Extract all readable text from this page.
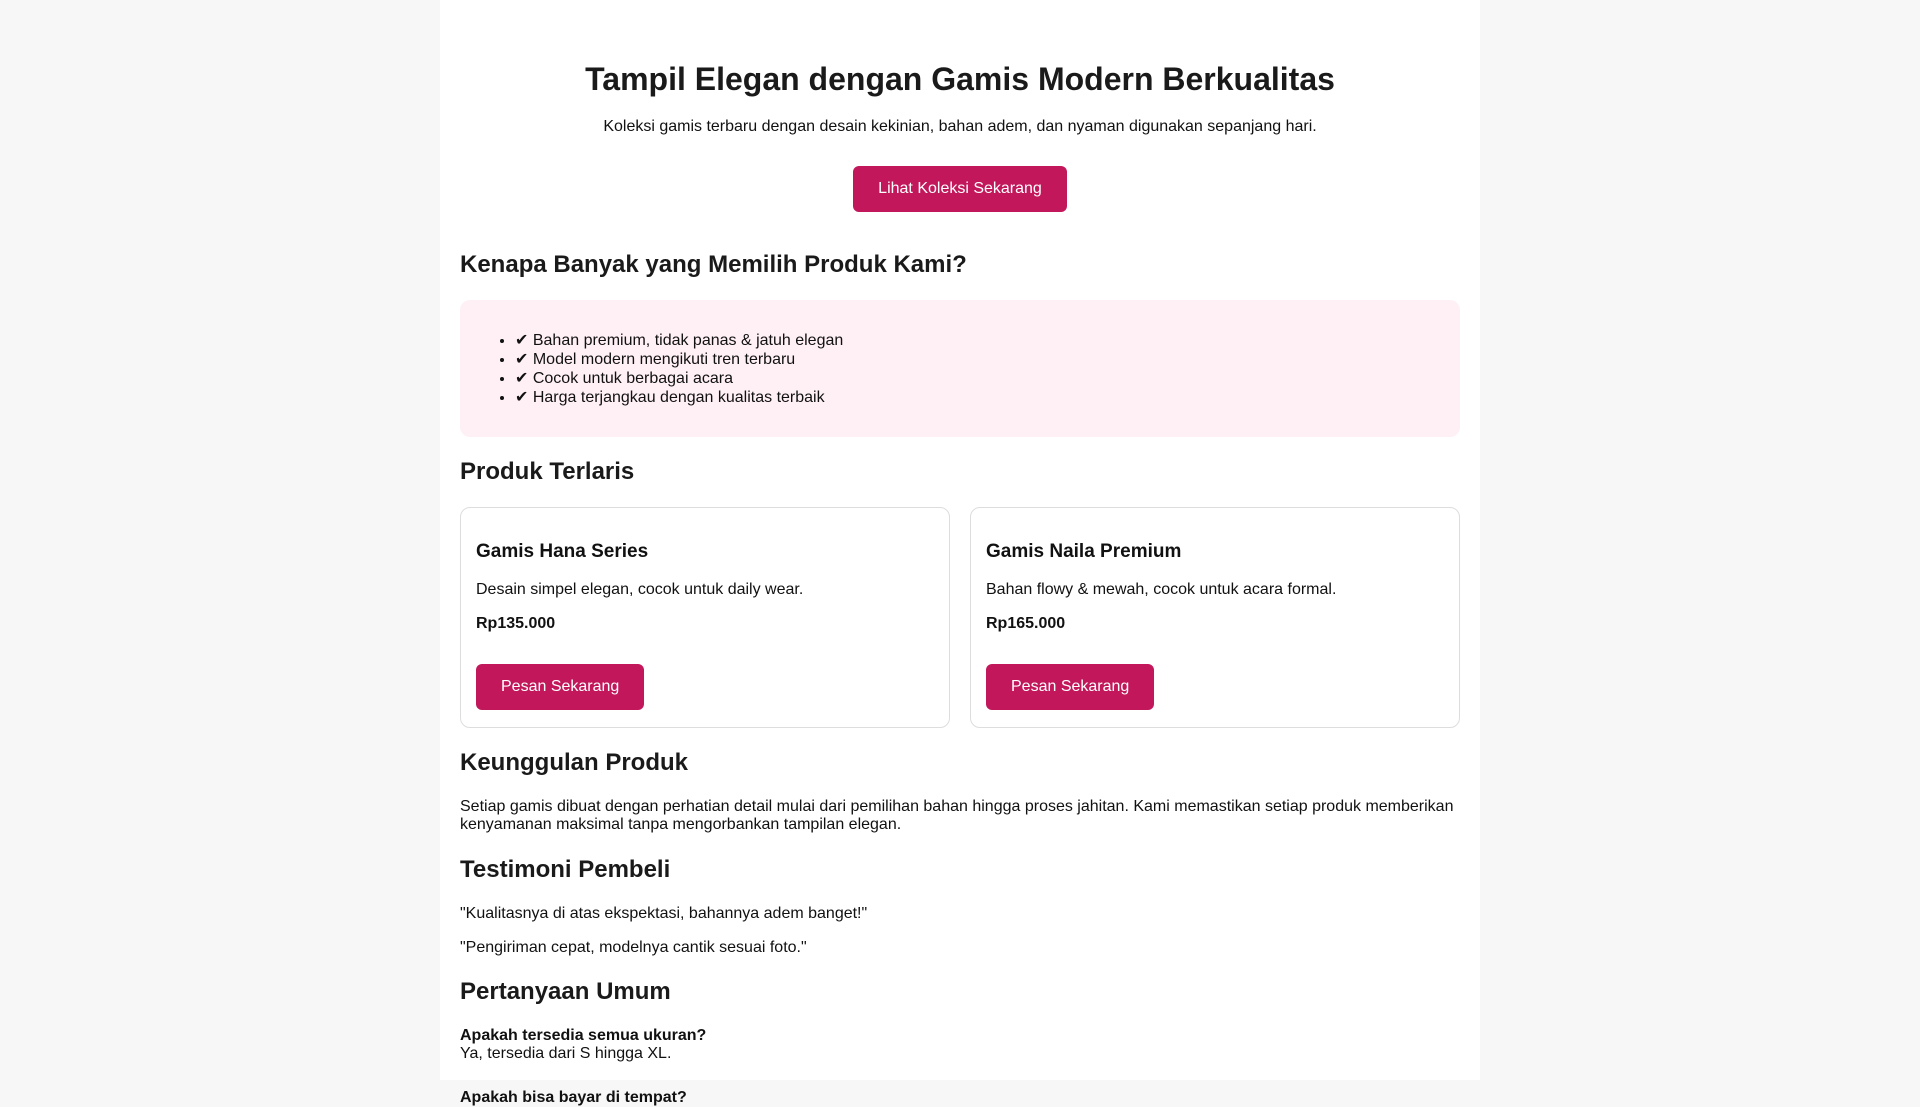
Tampil Elegan dengan Gamis Modern Berkualitas

Koleksi gamis terbaru dengan desain kekinian, bahan adem, dan nyaman digunakan sepanjang hari.

Lihat Koleksi Sekarang
Kenapa Banyak yang Memilih Produk Kami?
• ✔ Bahan premium, tidak panas & jatuh elegan
• ✔ Model modern mengikuti tren terbaru
• ✔ Cocok untuk berbagai acara
• ✔ Harga terjangkau dengan kualitas terbaik
Produk Terlaris
Gamis Hana Series

Desain simpel elegan, cocok untuk daily wear.

Rp135.000

Pesan Sekarang
Gamis Naila Premium

Bahan flowy & mewah, cocok untuk acara formal.

Rp165.000

Pesan Sekarang
Keunggulan Produk

Setiap gamis dibuat dengan perhatian detail mulai dari pemilihan bahan hingga proses jahitan. Kami memastikan setiap produk memberikan kenyamanan maksimal tanpa mengorbankan tampilan elegan.

Testimoni Pembeli

"Kualitasnya di atas ekspektasi, bahannya adem banget!"

"Pengiriman cepat, modelnya cantik sesuai foto."

Pertanyaan Umum
Apakah tersedia semua ukuran?
Ya, tersedia dari S hingga XL.
Apakah bisa bayar di tempat?
